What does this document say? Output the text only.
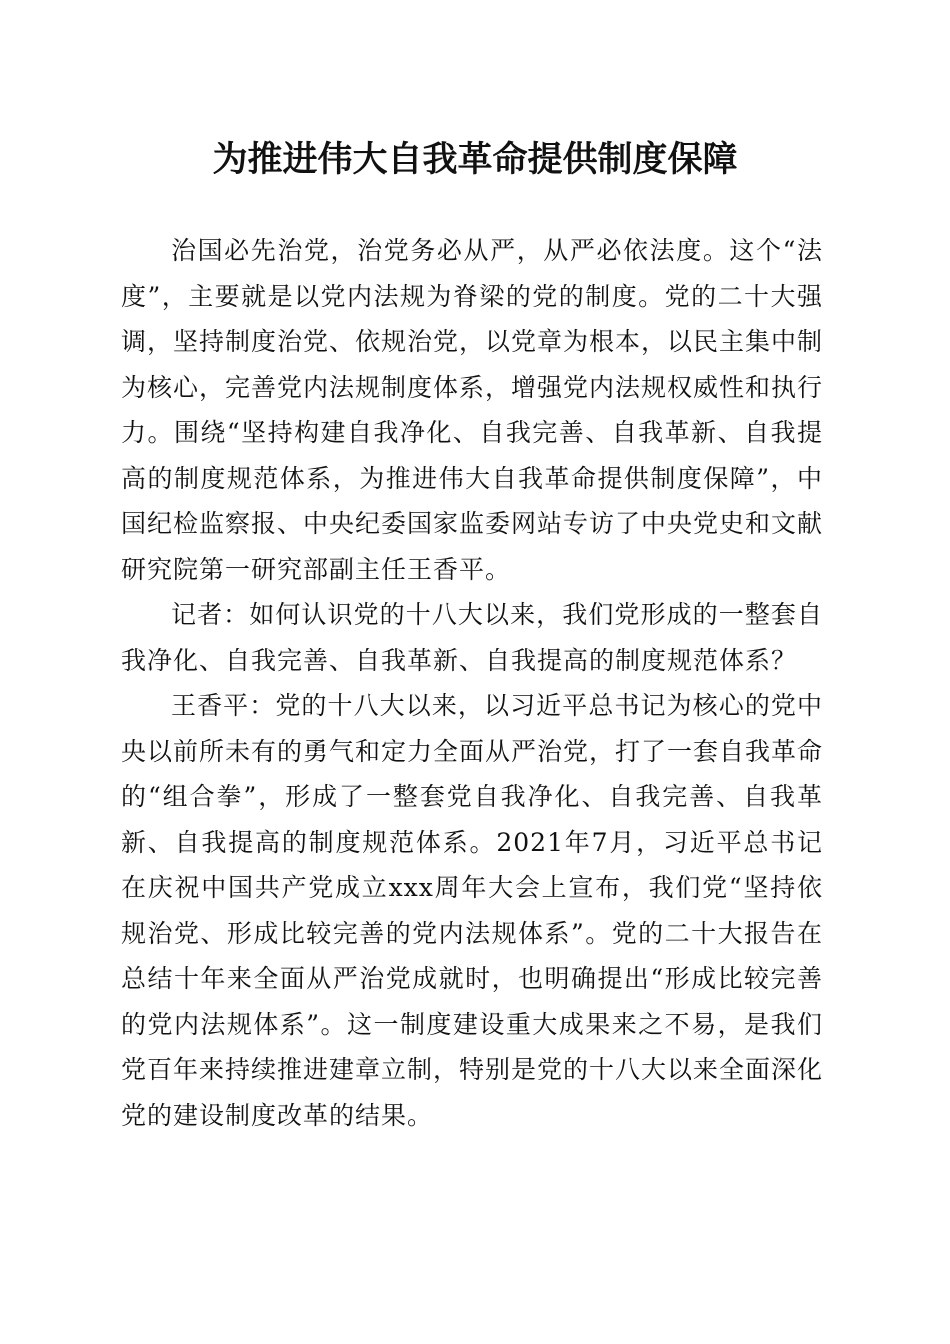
为推进伟大自我革命提供制度保障

治国必先治党，治党务必从严，从严必依法度。这个“法度”，主要就是以党内法规为脊梁的党的制度。党的二十大强调，坚持制度治党、依规治党，以党章为根本，以民主集中制为核心，完善党内法规制度体系，增强党内法规权威性和执行力。围绕“坚持构建自我净化、自我完善、自我革新、自我提高的制度规范体系，为推进伟大自我革命提供制度保障”，中国纪检监察报、中央纪委国家监委网站专访了中央党史和文献研究院第一研究部副主任王香平。

记者：如何认识党的十八大以来，我们党形成的一整套自我净化、自我完善、自我革新、自我提高的制度规范体系？

王香平：党的十八大以来，以习近平总书记为核心的党中央以前所未有的勇气和定力全面从严治党，打了一套自我革命的“组合拳”，形成了一整套党自我净化、自我完善、自我革新、自我提高的制度规范体系。2021年7月，习近平总书记在庆祝中国共产党成立xxx周年大会上宣布，我们党“坚持依规治党、形成比较完善的党内法规体系”。党的二十大报告在总结十年来全面从严治党成就时，也明确提出“形成比较完善的党内法规体系”。这一制度建设重大成果来之不易，是我们党百年来持续推进建章立制，特别是党的十八大以来全面深化党的建设制度改革的结果。
